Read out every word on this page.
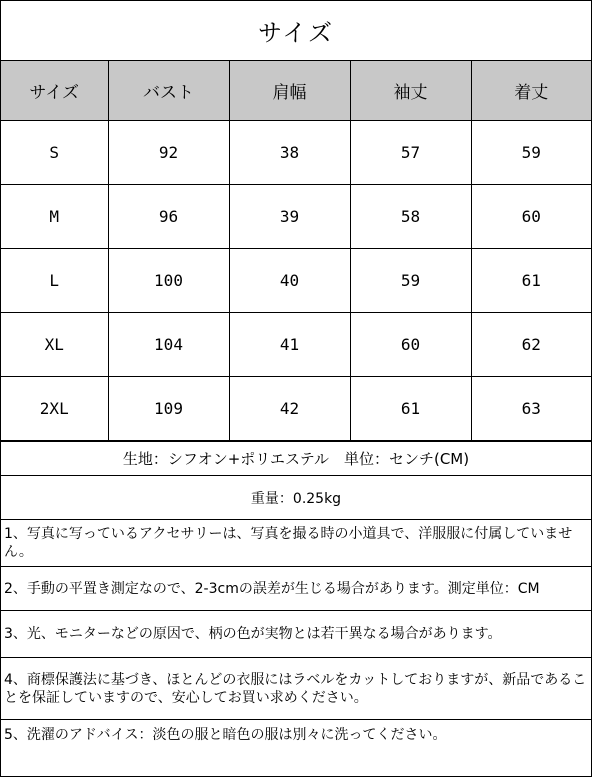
サイズ
サイズ	バスト	肩幅	袖丈	着丈
S	92	38	57	59
M	96	39	58	60
L	100	40	59	61
XL	104	41	60	62
2XL	109	42	61	63
生地：シフオン+ポリエステル　単位：センチ(CM)
重量：0.25kg
1、写真に写っているアクセサリーは、写真を撮る時の小道具で、洋服服に付属していません。
2、手動の平置き測定なので、2-3cmの誤差が生じる場合があります。測定単位：CM
3、光、モニターなどの原因で、柄の色が実物とは若干異なる場合があります。
4、商標保護法に基づき、ほとんどの衣服にはラベルをカットしておりますが、新品であることを保証していますので、安心してお買い求めください。
5、洗濯のアドバイス：淡色の服と暗色の服は別々に洗ってください。
